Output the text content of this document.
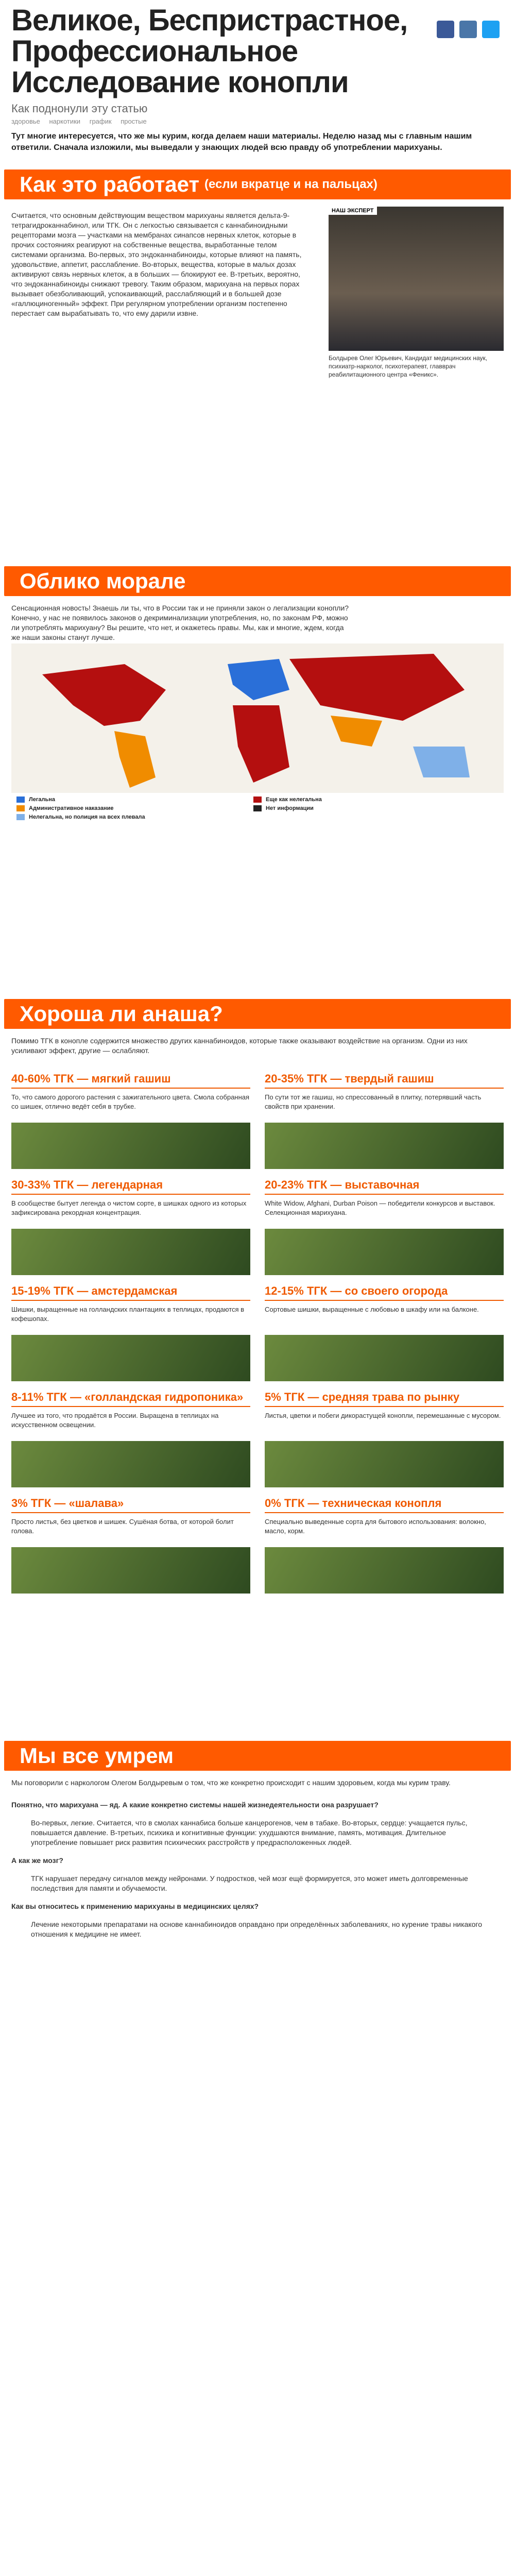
Великое, Беспристрастное, Профессиональное Исследование конопли
Как поднонули эту статью
здоровье наркотики график простые
Тут многие интересуется, что же мы курим, когда делаем наши материалы. Неделю назад мы с главным нашим ответили. Сначала изложили, мы выведали у знающих людей всю правду об употреблении марихуаны.
Как это работает (если вкратце и на пальцах)
Считается, что основным действующим веществом марихуаны является дельта-9-тетрагидроканнабинол, или ТГК. Он с легкостью связывается с каннабиноидными рецепторами мозга — участками на мембранах синапсов нервных клеток, которые в прочих состояниях реагируют на собственные вещества, выработанные телом системами организма. Во-первых, это эндоканнабиноиды, которые влияют на память, удовольствие, аппетит, расслабление. Во-вторых, вещества, которые в малых дозах активируют связь нервных клеток, а в больших — блокируют ее. В-третьих, вероятно, что эндоканнабиноиды снижают тревогу. Таким образом, марихуана на первых порах вызывает обезболивающий, успокаивающий, расслабляющий и в большей дозе «галлюциногенный» эффект. При регулярном употреблении организм постепенно перестает сам вырабатывать то, что ему дарили извне.
НАШ ЭКСПЕРТ
Болдырев Олег Юрьевич, Кандидат медицинских наук, психиатр-нарколог, психотерапевт, главврач реабилитационного центра «Феникс».
Облико морале
Сенсационная новость! Знаешь ли ты, что в России так и не приняли закон о легализации конопли? Конечно, у нас не появилось законов о декриминализации употребления, но, по законам РФ, можно ли употреблять марихуану? Вы решите, что нет, и окажетесь правы. Мы, как и многие, ждем, когда же наши законы станут лучше.
Легальна	Еще как нелегальна
Административное наказание	Нет информации
Нелегальна, но полиция на всех плевала
Хороша ли анаша?
Помимо ТГК в конопле содержится множество других каннабиноидов, которые также оказывают воздействие на организм. Одни из них усиливают эффект, другие — ослабляют.
40-60% ТГК — мягкий гашиш
То, что самого дорогого растения с зажигательного цвета. Смола собранная со шишек, отлично ведёт себя в трубке.
20-35% ТГК — твердый гашиш
По сути тот же гашиш, но спрессованный в плитку, потерявший часть свойств при хранении.
30-33% ТГК — легендарная
В сообществе бытует легенда о чистом сорте, в шишках одного из которых зафиксирована рекордная концентрация.
20-23% ТГК — выставочная
White Widow, Afghani, Durban Poison — победители конкурсов и выставок. Селекционная марихуана.
15-19% ТГК — амстердамская
Шишки, выращенные на голландских плантациях в теплицах, продаются в кофешопах.
12-15% ТГК — со своего огорода
Сортовые шишки, выращенные с любовью в шкафу или на балконе.
8-11% ТГК — «голландская гидропоника»
Лучшее из того, что продаётся в России. Выращена в теплицах на искусственном освещении.
5% ТГК — средняя трава по рынку
Листья, цветки и побеги дикорастущей конопли, перемешанные с мусором.
3% ТГК — «шалава»
Просто листья, без цветков и шишек. Сушёная ботва, от которой болит голова.
0% ТГК — техническая конопля
Специально выведенные сорта для бытового использования: волокно, масло, корм.
Мы все умрем
Мы поговорили с наркологом Олегом Болдыревым о том, что же конкретно происходит с нашим здоровьем, когда мы курим траву.
Понятно, что марихуана — яд. А какие конкретно системы нашей жизнедеятельности она разрушает?
Во-первых, легкие. Считается, что в смолах каннабиса больше канцерогенов, чем в табаке. Во-вторых, сердце: учащается пульс, повышается давление. В-третьих, психика и когнитивные функции: ухудшаются внимание, память, мотивация. Длительное употребление повышает риск развития психических расстройств у предрасположенных людей.
А как же мозг?
ТГК нарушает передачу сигналов между нейронами. У подростков, чей мозг ещё формируется, это может иметь долговременные последствия для памяти и обучаемости.
Как вы относитесь к применению марихуаны в медицинских целях?
Лечение некоторыми препаратами на основе каннабиноидов оправдано при определённых заболеваниях, но курение травы никакого отношения к медицине не имеет.
